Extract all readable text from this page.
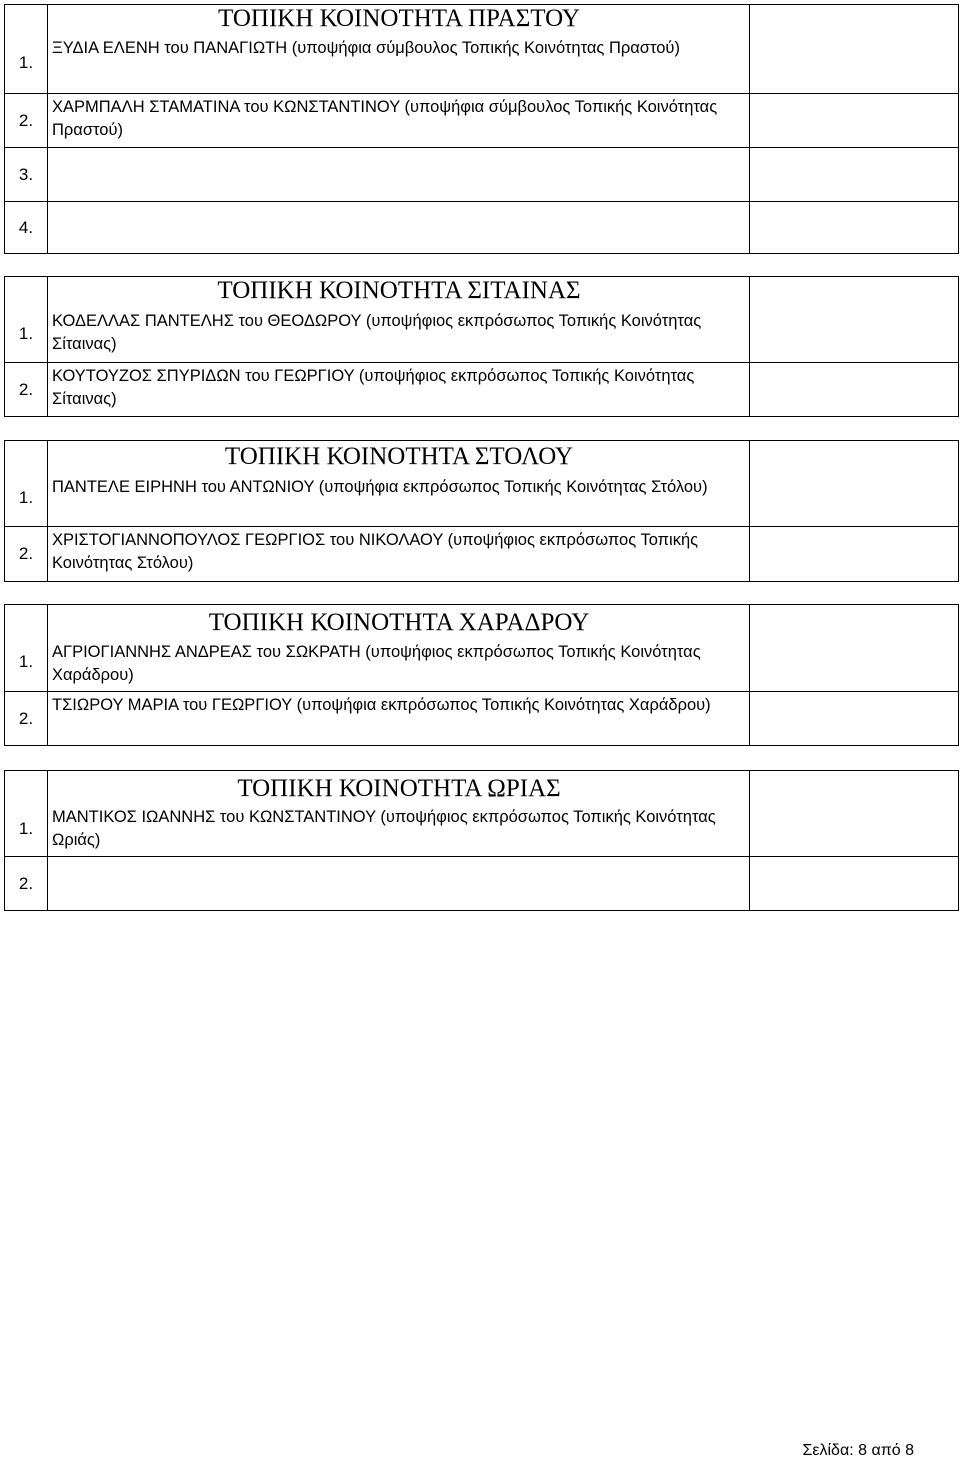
ΤΟΠΙΚΗ ΚΟΙΝΟΤΗΤΑ ΠΡΑΣΤΟΥ
1.
ΞΥΔΙΑ ΕΛΕΝΗ του ΠΑΝΑΓΙΩΤΗ (υποψήφια σύμβουλος Τοπικής Κοινότητας Πραστού)
2.
ΧΑΡΜΠΑΛΗ ΣΤΑΜΑΤΙΝΑ του ΚΩΝΣΤΑΝΤΙΝΟΥ (υποψήφια σύμβουλος Τοπικής Κοινότητας Πραστού)
3.
4.
ΤΟΠΙΚΗ ΚΟΙΝΟΤΗΤΑ ΣΙΤΑΙΝΑΣ
1.
ΚΟΔΕΛΛΑΣ ΠΑΝΤΕΛΗΣ του ΘΕΟΔΩΡΟΥ (υποψήφιος εκπρόσωπος Τοπικής Κοινότητας Σίταινας)
2.
ΚΟΥΤΟΥΖΟΣ ΣΠΥΡΙΔΩΝ του ΓΕΩΡΓΙΟΥ (υποψήφιος εκπρόσωπος Τοπικής Κοινότητας Σίταινας)
ΤΟΠΙΚΗ ΚΟΙΝΟΤΗΤΑ ΣΤΟΛΟΥ
1.
ΠΑΝΤΕΛΕ ΕΙΡΗΝΗ του ΑΝΤΩΝΙΟΥ (υποψήφια εκπρόσωπος Τοπικής Κοινότητας Στόλου)
2.
ΧΡΙΣΤΟΓΙΑΝΝΟΠΟΥΛΟΣ ΓΕΩΡΓΙΟΣ του ΝΙΚΟΛΑΟΥ (υποψήφιος εκπρόσωπος Τοπικής Κοινότητας Στόλου)
ΤΟΠΙΚΗ ΚΟΙΝΟΤΗΤΑ ΧΑΡΑΔΡΟΥ
1.	ΑΓΡΙΟΓΙΑΝΝΗΣ ΑΝΔΡΕΑΣ του ΣΩΚΡΑΤΗ (υποψήφιος εκπρόσωπος Τοπικής Κοινότητας Χαράδρου)
2.
ΤΣΙΩΡΟΥ ΜΑΡΙΑ του ΓΕΩΡΓΙΟΥ (υποψήφια εκπρόσωπος Τοπικής Κοινότητας Χαράδρου)
ΤΟΠΙΚΗ ΚΟΙΝΟΤΗΤΑ ΩΡΙΑΣ
1.
ΜΑΝΤΙΚΟΣ ΙΩΑΝΝΗΣ του ΚΩΝΣΤΑΝΤΙΝΟΥ (υποψήφιος εκπρόσωπος Τοπικής Κοινότητας Ωριάς)
2.
Σελίδα: 8 από 8
